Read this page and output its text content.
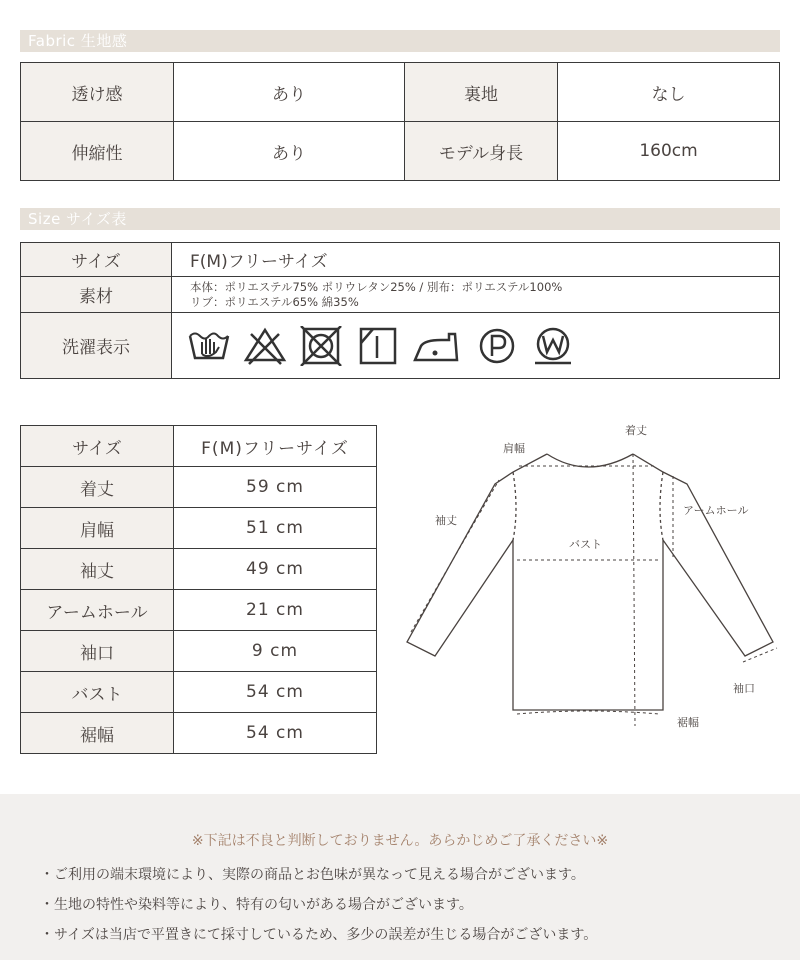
Fabric 生地感
透け感	あり	裏地	なし
伸縮性	あり	モデル身長	160cm
Size サイズ表
サイズ	F(M)フリーサイズ
素材	本体：ポリエステル75% ポリウレタン25% / 別布：ポリエステル100%
リブ：ポリエステル65% 綿35%

洗濯表示	
サイズ	F(M)フリーサイズ
着丈	59 cm
肩幅	51 cm
袖丈	49 cm
アームホール	21 cm
袖口	9 cm
バスト	54 cm
裾幅	54 cm
着丈
肩幅
袖丈
アームホール
バスト
袖口
裾幅
※下記は不良と判断しておりません。あらかじめご了承ください※
・ご利用の端末環境により、実際の商品とお色味が異なって見える場合がございます。
・生地の特性や染料等により、特有の匂いがある場合がございます。
・サイズは当店で平置きにて採寸しているため、多少の誤差が生じる場合がございます。
